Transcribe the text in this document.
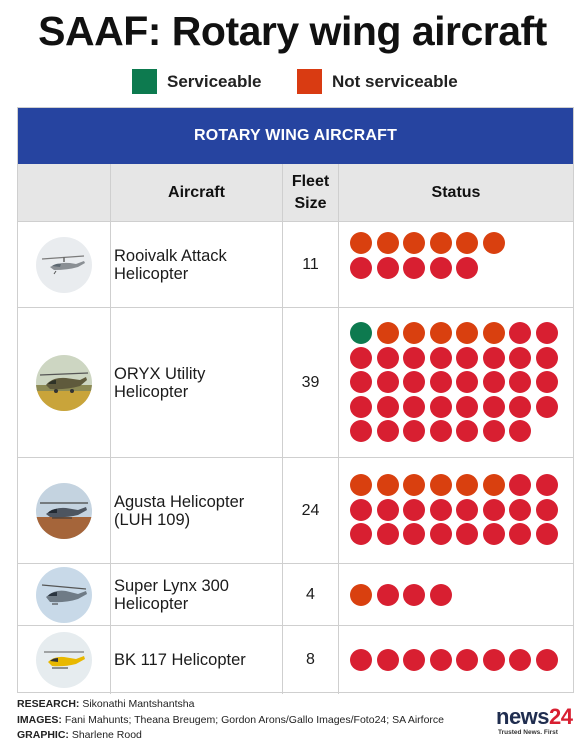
SAAF: Rotary wing aircraft
Serviceable	Not serviceable
ROTARY WING AIRCRAFT
Aircraft
Fleet Size
Status
Rooivalk Attack Helicopter
11
ORYX Utility Helicopter
39
Agusta Helicopter (LUH 109)
24
Super Lynx 300 Helicopter
4
BK 117 Helicopter	8
RESEARCH: Sikonathi Mantshantsha
IMAGES: Fani Mahunts; Theana Breugem; Gordon Arons/Gallo Images/Foto24; SA Airforce
GRAPHIC: Sharlene Rood
news24
Trusted News. First
